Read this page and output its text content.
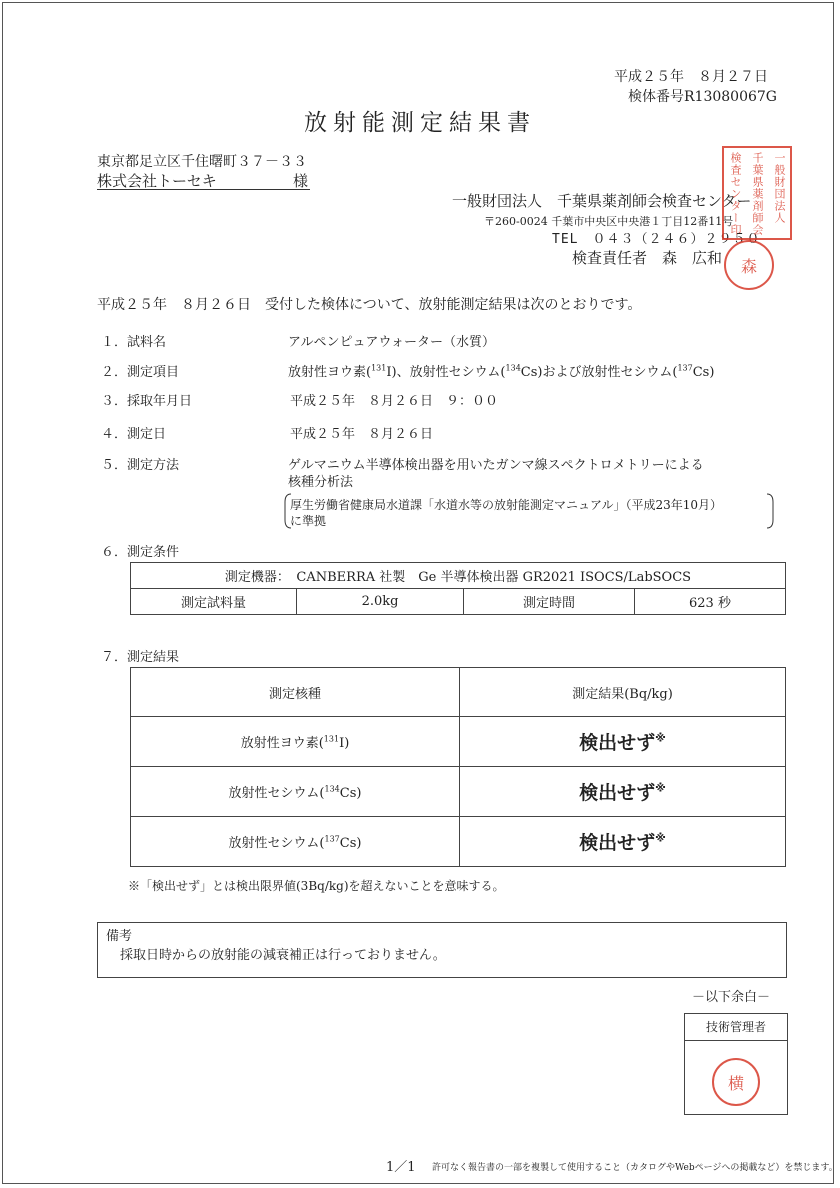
平成２５年　８月２７日
検体番号R13080067G
放射能測定結果書
東京都足立区千住曙町３７－３３
株式会社トーセキ	様
一般財団法人　千葉県薬剤師会検査センター
〒260-0024 千葉市中央区中央港１丁目12番11号
TEL　０４３（２４６）２９５０
検査責任者　森　広和
一般財団法人
千葉県薬剤師会
検査センター印
森
平成２５年　８月２６日　受付した検体について、放射能測定結果は次のとおりです。
１． 試料名	アルペンピュアウォーター（水質）
２． 測定項目	放射性ヨウ素($^{131}$I)、放射性セシウム($^{134}$Cs)および放射性セシウム($^{137}$Cs)
３． 採取年月日	平成２５年　８月２６日　９：００
４． 測定日	平成２５年　８月２６日
５． 測定方法	ゲルマニウム半導体検出器を用いたガンマ線スペクトロメトリーによる
核種分析法
厚生労働省健康局水道課「水道水等の放射能測定マニュアル」（平成23年10月）
に準拠
６．測定条件
測定機器：　CANBERRA 社製　Ge 半導体検出器 GR2021 ISOCS/LabSOCS
測定試料量	2.0kg	測定時間	623 秒
７．測定結果
測定核種	測定結果(Bq/kg)
放射性ヨウ素($^{131}$I)	検出せず※
放射性セシウム($^{134}$Cs)	検出せず※
放射性セシウム($^{137}$Cs)	検出せず※
※「検出せず」とは検出限界値(3Bq/kg)を超えないことを意味する。
備考
採取日時からの放射能の減衰補正は行っておりません。
－以下余白－
技術管理者
横
1／1 許可なく報告書の一部を複製して使用すること（カタログやWebページへの掲載など）を禁じます。
